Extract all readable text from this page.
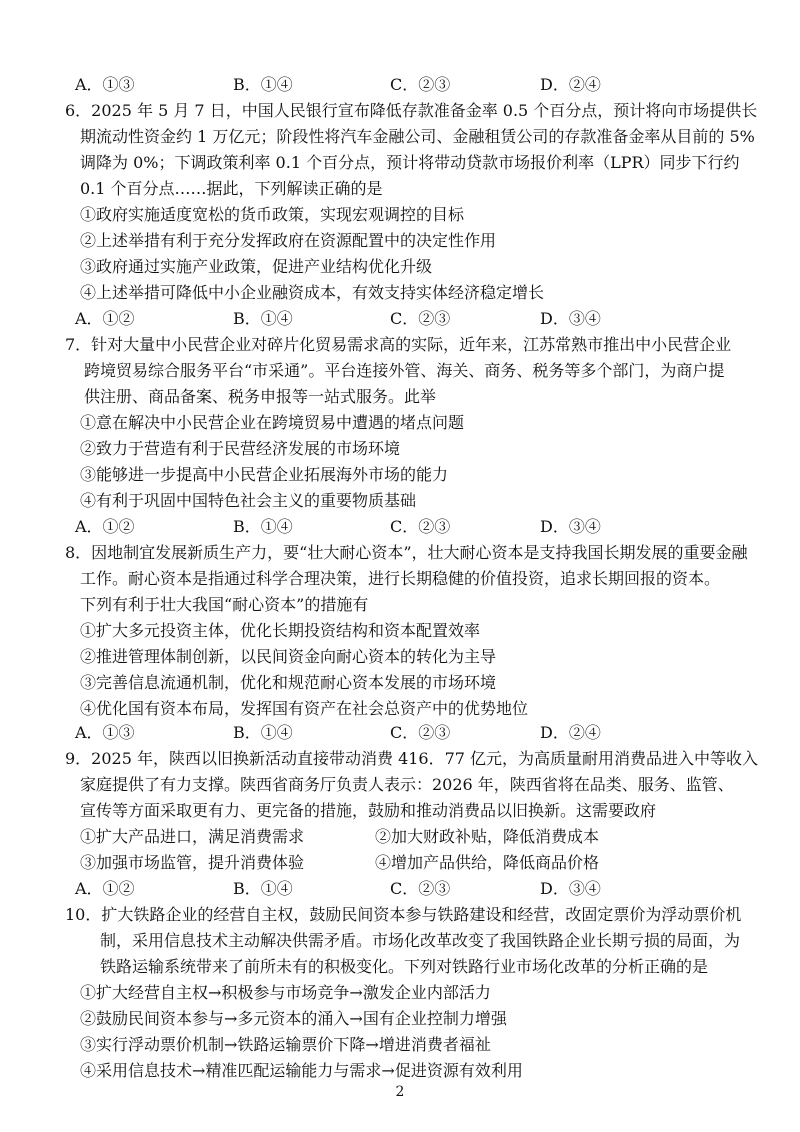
A．①③	B．①④	C．②③	D．②④
6．2025 年 5 月 7 日，中国人民银行宣布降低存款准备金率 0.5 个百分点，预计将向市场提供长
期流动性资金约 1 万亿元；阶段性将汽车金融公司、金融租赁公司的存款准备金率从目前的 5%
调降为 0%；下调政策利率 0.1 个百分点，预计将带动贷款市场报价利率（LPR）同步下行约
0.1 个百分点……据此，下列解读正确的是
①政府实施适度宽松的货币政策，实现宏观调控的目标
②上述举措有利于充分发挥政府在资源配置中的决定性作用
③政府通过实施产业政策，促进产业结构优化升级
④上述举措可降低中小企业融资成本，有效支持实体经济稳定增长
A．①②	B．①④	C．②③	D．③④
7．针对大量中小民营企业对碎片化贸易需求高的实际，近年来，江苏常熟市推出中小民营企业
跨境贸易综合服务平台“市采通”。平台连接外管、海关、商务、税务等多个部门，为商户提
供注册、商品备案、税务申报等一站式服务。此举
①意在解决中小民营企业在跨境贸易中遭遇的堵点问题
②致力于营造有利于民营经济发展的市场环境
③能够进一步提高中小民营企业拓展海外市场的能力
④有利于巩固中国特色社会主义的重要物质基础
A．①②	B．①④	C．②③	D．③④
8．因地制宜发展新质生产力，要“壮大耐心资本”，壮大耐心资本是支持我国长期发展的重要金融
工作。耐心资本是指通过科学合理决策，进行长期稳健的价值投资，追求长期回报的资本。
下列有利于壮大我国“耐心资本”的措施有
①扩大多元投资主体，优化长期投资结构和资本配置效率
②推进管理体制创新，以民间资金向耐心资本的转化为主导
③完善信息流通机制，优化和规范耐心资本发展的市场环境
④优化国有资本布局，发挥国有资产在社会总资产中的优势地位
A．①③	B．①④	C．②③	D．②④
9．2025 年，陕西以旧换新活动直接带动消费 416．77 亿元，为高质量耐用消费品进入中等收入
家庭提供了有力支撑。陕西省商务厅负责人表示：2026 年，陕西省将在品类、服务、监管、
宣传等方面采取更有力、更完备的措施，鼓励和推动消费品以旧换新。这需要政府
①扩大产品进口，满足消费需求	②加大财政补贴，降低消费成本
③加强市场监管，提升消费体验	④增加产品供给，降低商品价格
A．①②	B．①④	C．②③	D．③④
10．扩大铁路企业的经营自主权，鼓励民间资本参与铁路建设和经营，改固定票价为浮动票价机
制，采用信息技术主动解决供需矛盾。市场化改革改变了我国铁路企业长期亏损的局面，为
铁路运输系统带来了前所未有的积极变化。下列对铁路行业市场化改革的分析正确的是
①扩大经营自主权→积极参与市场竞争→激发企业内部活力
②鼓励民间资本参与→多元资本的涌入→国有企业控制力增强
③实行浮动票价机制→铁路运输票价下降→增进消费者福祉
④采用信息技术→精准匹配运输能力与需求→促进资源有效利用
2
